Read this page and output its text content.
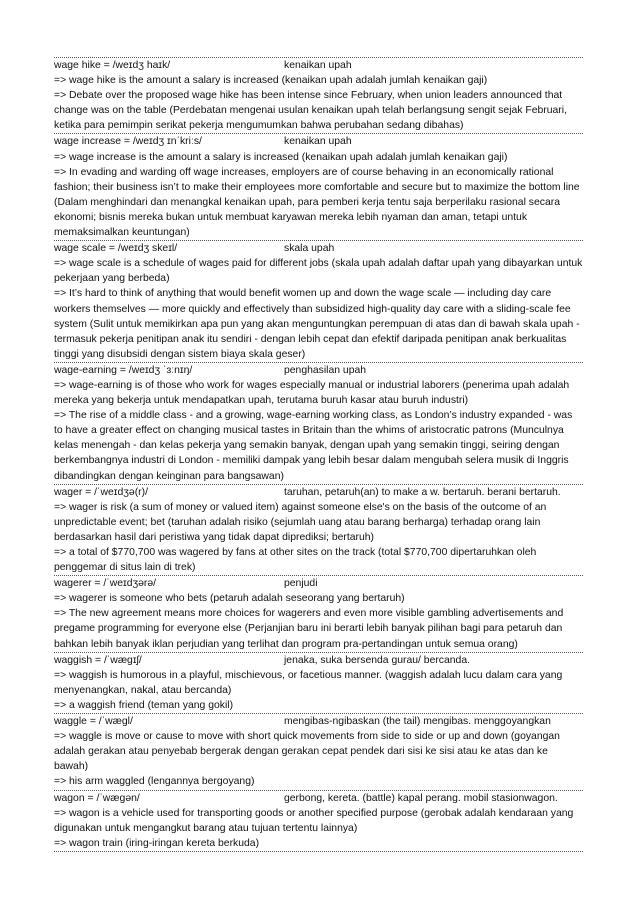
wage hike = /weɪdʒ haɪk/	kenaikan upah

=> wage hike is the amount a salary is increased (kenaikan upah adalah jumlah kenaikan gaji)

=> Debate over the proposed wage hike has been intense since February, when union leaders announced that change was on the table (Perdebatan mengenai usulan kenaikan upah telah berlangsung sengit sejak Februari, ketika para pemimpin serikat pekerja mengumumkan bahwa perubahan sedang dibahas)

wage increase = /weɪdʒ ɪnˈkriːs/	kenaikan upah

=> wage increase is the amount a salary is increased (kenaikan upah adalah jumlah kenaikan gaji)

=> In evading and warding off wage increases, employers are of course behaving in an economically rational fashion; their business isn’t to make their employees more comfortable and secure but to maximize the bottom line (Dalam menghindari dan menangkal kenaikan upah, para pemberi kerja tentu saja berperilaku rasional secara ekonomi; bisnis mereka bukan untuk membuat karyawan mereka lebih nyaman dan aman, tetapi untuk memaksimalkan keuntungan)

wage scale = /weɪdʒ skeɪl/	skala upah

=> wage scale is a schedule of wages paid for different jobs (skala upah adalah daftar upah yang dibayarkan untuk pekerjaan yang berbeda)

=> It’s hard to think of anything that would benefit women up and down the wage scale — including day care workers themselves — more quickly and effectively than subsidized high-quality day care with a sliding-scale fee system (Sulit untuk memikirkan apa pun yang akan menguntungkan perempuan di atas dan di bawah skala upah - termasuk pekerja penitipan anak itu sendiri - dengan lebih cepat dan efektif daripada penitipan anak berkualitas tinggi yang disubsidi dengan sistem biaya skala geser)

wage-earning = /weɪdʒ ˈɜːnɪŋ/	penghasilan upah

=> wage-earning is of those who work for wages especially manual or industrial laborers (penerima upah adalah mereka yang bekerja untuk mendapatkan upah, terutama buruh kasar atau buruh industri)

=> The rise of a middle class - and a growing, wage-earning working class, as London’s industry expanded - was to have a greater effect on changing musical tastes in Britain than the whims of aristocratic patrons (Munculnya kelas menengah - dan kelas pekerja yang semakin banyak, dengan upah yang semakin tinggi, seiring dengan berkembangnya industri di London - memiliki dampak yang lebih besar dalam mengubah selera musik di Inggris dibandingkan dengan keinginan para bangsawan)

wager = /ˈweɪdʒə(r)/	taruhan, petaruh(an) to make a w. bertaruh. berani bertaruh.

=> wager is risk (a sum of money or valued item) against someone else's on the basis of the outcome of an unpredictable event; bet (taruhan adalah risiko (sejumlah uang atau barang berharga) terhadap orang lain berdasarkan hasil dari peristiwa yang tidak dapat diprediksi; bertaruh)

=> a total of $770,700 was wagered by fans at other sites on the track (total $770,700 dipertaruhkan oleh penggemar di situs lain di trek)

wagerer = /ˈweɪdʒərə/	penjudi

=> wagerer is someone who bets (petaruh adalah seseorang yang bertaruh)

=> The new agreement means more choices for wagerers and even more visible gambling advertisements and pregame programming for everyone else (Perjanjian baru ini berarti lebih banyak pilihan bagi para petaruh dan bahkan lebih banyak iklan perjudian yang terlihat dan program pra-pertandingan untuk semua orang)

waggish = /ˈwæɡɪʃ/	jenaka, suka bersenda gurau/ bercanda.

=> waggish is humorous in a playful, mischievous, or facetious manner. (waggish adalah lucu dalam cara yang menyenangkan, nakal, atau bercanda)

=> a waggish friend (teman yang gokil)

waggle = /ˈwæɡl/	mengibas-ngibaskan (the tail) mengibas. menggoyangkan

=> waggle is move or cause to move with short quick movements from side to side or up and down (goyangan adalah gerakan atau penyebab bergerak dengan gerakan cepat pendek dari sisi ke sisi atau ke atas dan ke bawah)

=> his arm waggled (lengannya bergoyang)

wagon = /ˈwæɡən/	gerbong, kereta. (battle) kapal perang. mobil stasionwagon.

=> wagon is a vehicle used for transporting goods or another specified purpose (gerobak adalah kendaraan yang digunakan untuk mengangkut barang atau tujuan tertentu lainnya)

=> wagon train (iring-iringan kereta berkuda)
